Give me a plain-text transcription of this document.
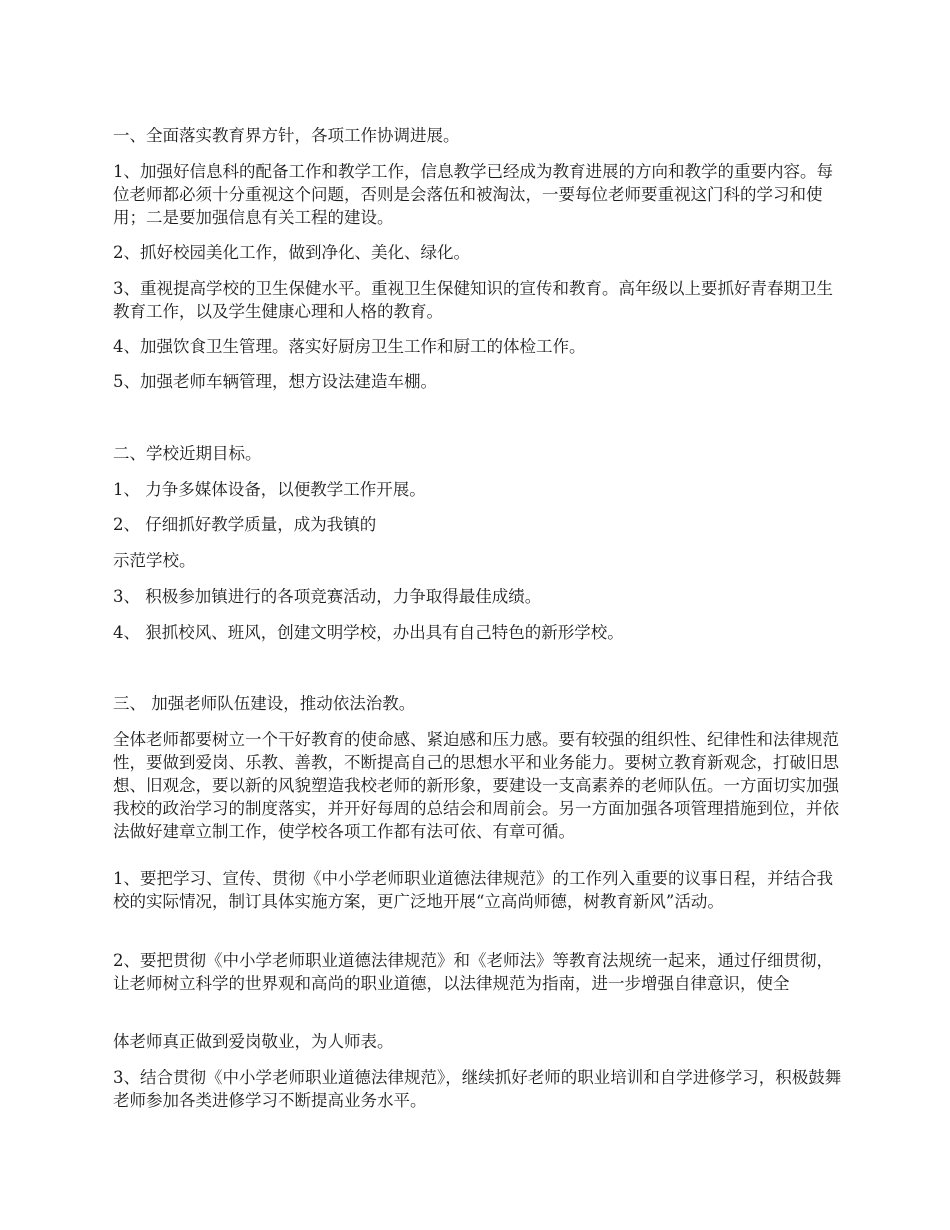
一、全面落实教育界方针，各项工作协调进展。

1、加强好信息科的配备工作和教学工作，信息教学已经成为教育进展的方向和教学的重要内容。每位老师都必须十分重视这个问题，否则是会落伍和被淘汰，一要每位老师要重视这门科的学习和使用；二是要加强信息有关工程的建设。

2、抓好校园美化工作，做到净化、美化、绿化。

3、重视提高学校的卫生保健水平。重视卫生保健知识的宣传和教育。高年级以上要抓好青春期卫生教育工作，以及学生健康心理和人格的教育。

4、加强饮食卫生管理。落实好厨房卫生工作和厨工的体检工作。

5、加强老师车辆管理，想方设法建造车棚。

二、学校近期目标。

1、 力争多媒体设备，以便教学工作开展。

2、 仔细抓好教学质量，成为我镇的

示范学校。

3、 积极参加镇进行的各项竞赛活动，力争取得最佳成绩。

4、 狠抓校风、班风，创建文明学校，办出具有自己特色的新形学校。

三、 加强老师队伍建设，推动依法治教。

全体老师都要树立一个干好教育的使命感、紧迫感和压力感。要有较强的组织性、纪律性和法律规范性，要做到爱岗、乐教、善教，不断提高自己的思想水平和业务能力。要树立教育新观念，打破旧思想、旧观念，要以新的风貌塑造我校老师的新形象，要建设一支高素养的老师队伍。一方面切实加强我校的政治学习的制度落实，并开好每周的总结会和周前会。另一方面加强各项管理措施到位，并依法做好建章立制工作，使学校各项工作都有法可依、有章可循。

1、要把学习、宣传、贯彻《中小学老师职业道德法律规范》的工作列入重要的议事日程，并结合我校的实际情况，制订具体实施方案，更广泛地开展“立高尚师德，树教育新风”活动。

2、要把贯彻《中小学老师职业道德法律规范》和《老师法》等教育法规统一起来，通过仔细贯彻，让老师树立科学的世界观和高尚的职业道德，以法律规范为指南，进一步增强自律意识，使全

体老师真正做到爱岗敬业，为人师表。

3、结合贯彻《中小学老师职业道德法律规范》，继续抓好老师的职业培训和自学进修学习，积极鼓舞老师参加各类进修学习不断提高业务水平。
